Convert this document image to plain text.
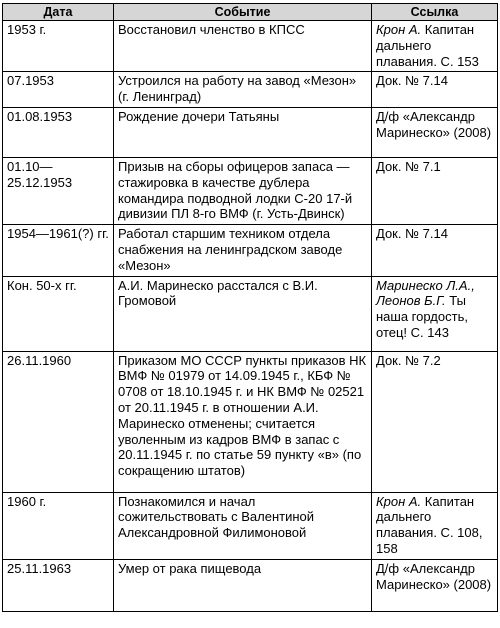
Дата	Событие	Ссылка
1953 г.	Восстановил членство в КПСС	Крон А. Капитан дальнего плавания. С. 153
07.1953	Устроился на работу на завод «Мезон» (г. Ленинград)	Док. № 7.14
01.08.1953	Рождение дочери Татьяны	Д/ф «Александр Маринеско» (2008)
01.10—25.12.1953	Призыв на сборы офицеров запаса — стажировка в качестве дублера командира подводной лодки С-20 17-й дивизии ПЛ 8-го ВМФ (г. Усть-Двинск)	Док. № 7.1
1954—1961(?) гг.	Работал старшим техником отдела снабжения на ленинградском заводе «Мезон»	Док. № 7.14
Кон. 50-х гг.	А.И. Маринеско расстался с В.И. Громовой	Маринеско Л.А., Леонов Б.Г. Ты наша гордость, отец! С. 143
26.11.1960	Приказом МО СССР пункты приказов НК ВМФ № 01979 от 14.09.1945 г., КБФ № 0708 от 18.10.1945 г. и НК ВМФ № 02521 от 20.11.1945 г. в отношении А.И. Маринеско отменены; считается уволенным из кадров ВМФ в запас с 20.11.1945 г. по статье 59 пункту «в» (по сокращению штатов)	Док. № 7.2
1960 г.	Познакомился и начал сожительствовать с Валентиной Александровной Филимоновой	Крон А. Капитан дальнего плавания. С. 108, 158
25.11.1963	Умер от рака пищевода	Д/ф «Александр Маринеско» (2008)
